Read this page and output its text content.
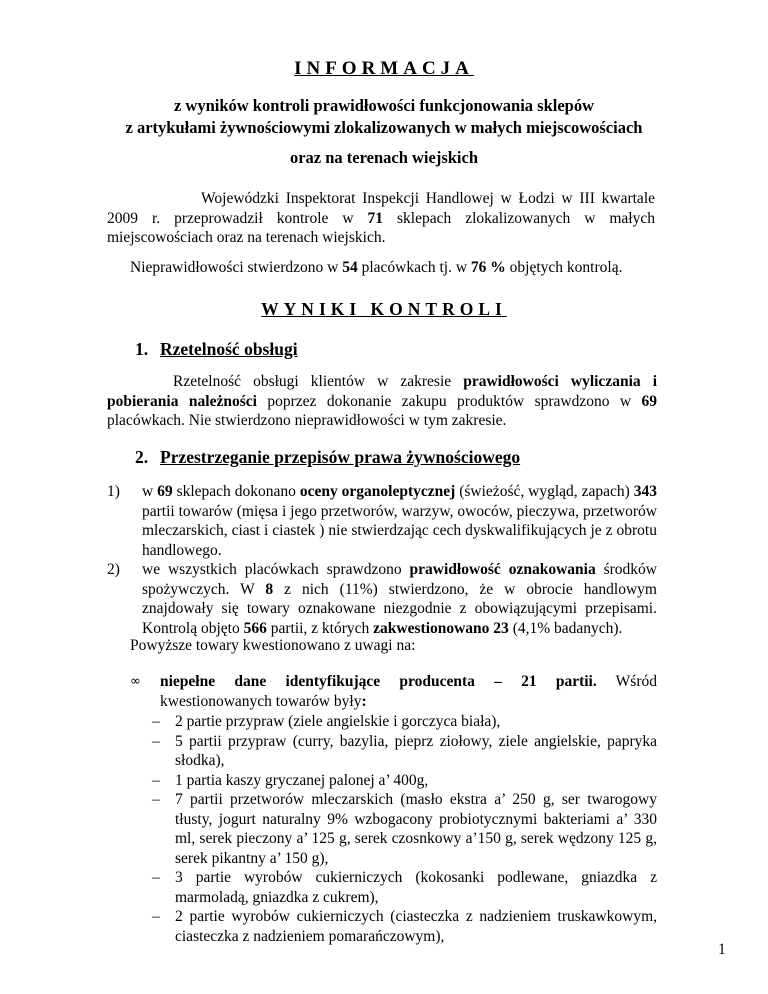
INFORMACJA
z wyników kontroli prawidłowości funkcjonowania sklepów
z artykułami żywnościowymi zlokalizowanych w małych miejscowościach
oraz na terenach wiejskich
Wojewódzki Inspektorat Inspekcji Handlowej w Łodzi w III kwartale 2009 r. przeprowadził kontrole w 71 sklepach zlokalizowanych w małych miejscowościach oraz na terenach wiejskich.
Nieprawidłowości stwierdzono w 54 placówkach tj. w 76 % objętych kontrolą.
WYNIKI KONTROLI
1. Rzetelność obsługi
Rzetelność obsługi klientów w zakresie prawidłowości wyliczania i pobierania należności poprzez dokonanie zakupu produktów sprawdzono w 69 placówkach. Nie stwierdzono nieprawidłowości w tym zakresie.
2. Przestrzeganie przepisów prawa żywnościowego
1) w 69 sklepach dokonano oceny organoleptycznej (świeżość, wygląd, zapach) 343 partii towarów (mięsa i jego przetworów, warzyw, owoców, pieczywa, przetworów mleczarskich, ciast i ciastek ) nie stwierdzając cech dyskwalifikujących je z obrotu handlowego.
2) we wszystkich placówkach sprawdzono prawidłowość oznakowania środków spożywczych. W 8 z nich (11%) stwierdzono, że w obrocie handlowym znajdowały się towary oznakowane niezgodnie z obowiązującymi przepisami. Kontrolą objęto 566 partii, z których zakwestionowano 23 (4,1% badanych).
Powyższe towary kwestionowano z uwagi na:
∞ niepełne dane identyfikujące producenta – 21 partii. Wśród kwestionowanych towarów były:
– 2 partie przypraw (ziele angielskie i gorczyca biała),
– 5 partii przypraw (curry, bazylia, pieprz ziołowy, ziele angielskie, papryka słodka),
– 1 partia kaszy gryczanej palonej a’ 400g,
– 7 partii przetworów mleczarskich (masło ekstra a’ 250 g, ser twarogowy tłusty, jogurt naturalny 9% wzbogacony probiotycznymi bakteriami a’ 330 ml, serek pieczony a’ 125 g, serek czosnkowy a’150 g, serek wędzony 125 g, serek pikantny a’ 150 g),
– 3 partie wyrobów cukierniczych (kokosanki podlewane, gniazdka z marmoladą, gniazdka z cukrem),
– 2 partie wyrobów cukierniczych (ciasteczka z nadzieniem truskawkowym, ciasteczka z nadzieniem pomarańczowym),
1
